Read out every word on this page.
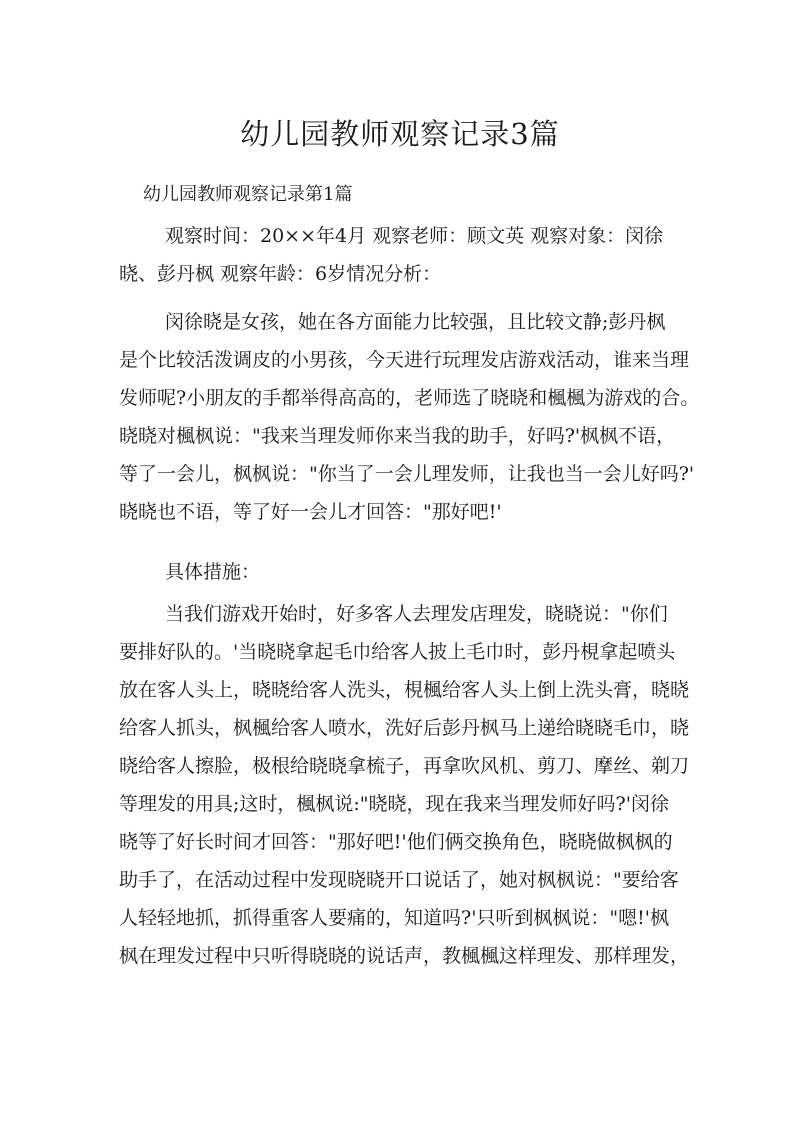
幼儿园教师观察记录3篇

幼儿园教师观察记录第1篇

观察时间：20××年4月 观察老师：顾文英 观察对象：闵徐
晓、彭丹枫 观察年龄：6岁情况分析：
闵徐晓是女孩，她在各方面能力比较强，且比较文静;彭丹枫
是个比较活泼调皮的小男孩，今天进行玩理发店游戏活动，谁来当理
发师呢?小朋友的手都举得高高的，老师选了晓晓和楓楓为游戏的合。
晓晓对楓枫说："我来当理发师你来当我的助手，好吗?'枫枫不语，
等了一会儿，枫枫说："你当了一会儿理发师，让我也当一会儿好吗?'
晓晓也不语，等了好一会儿才回答："那好吧!'
具体措施：
当我们游戏开始时，好多客人去理发店理发，晓晓说："你们
要排好队的。'当晓晓拿起毛巾给客人披上毛巾时，彭丹梘拿起喷头
放在客人头上，晓晓给客人洗头，梘楓给客人头上倒上洗头膏，晓晓
给客人抓头，枫楓给客人喷水，洗好后彭丹枫马上递给晓晓毛巾，晓
晓给客人擦脸，极根给晓晓拿梳子，再拿吹风机、剪刀、摩丝、剃刀
等理发的用具;这时，楓枫说:"晓晓，现在我来当理发师好吗?'闵徐
晓等了好长时间才回答："那好吧!'他们俩交换角色，晓晓做枫枫的
助手了，在活动过程中发现晓晓开口说话了，她对枫枫说："要给客
人轻轻地抓，抓得重客人要痛的，知道吗?'只听到枫枫说："嗯!'枫
枫在理发过程中只听得晓晓的说话声，教楓楓这样理发、那样理发，
